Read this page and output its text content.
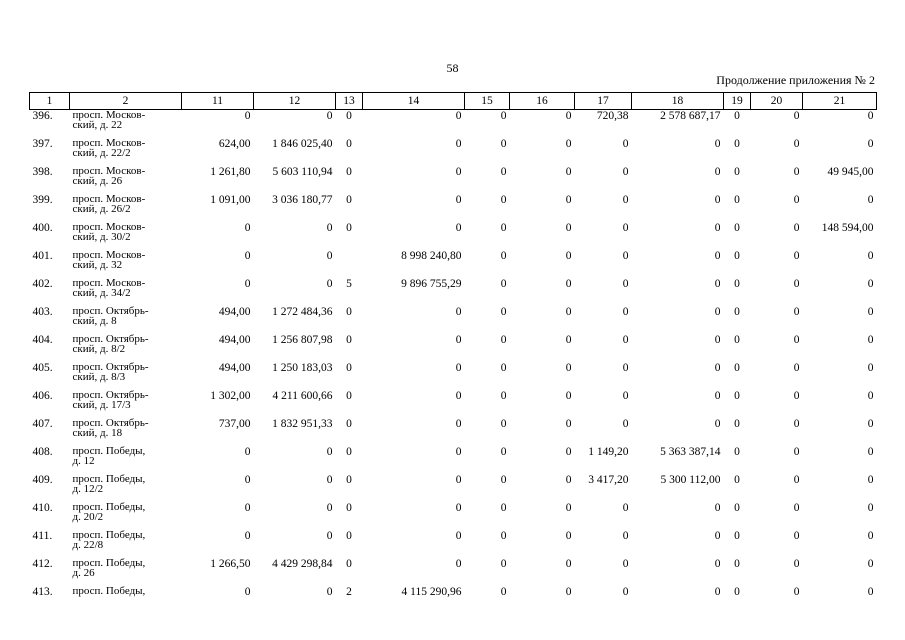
58
Продолжение приложения № 2
1	2	11	12	13	14	15	16	17	18	19	20	21
396.	просп. Москов-
ский, д. 22	0	0	0	0	0	0	720,38	2 578 687,17	0	0	0
397.	просп. Москов-
ский, д. 22/2	624,00	1 846 025,40	0	0	0	0	0	0	0	0	0
398.	просп. Москов-
ский, д. 26	1 261,80	5 603 110,94	0	0	0	0	0	0	0	0	49 945,00
399.	просп. Москов-
ский, д. 26/2	1 091,00	3 036 180,77	0	0	0	0	0	0	0	0	0
400.	просп. Москов-
ский, д. 30/2	0	0	0	0	0	0	0	0	0	0	148 594,00
401.	просп. Москов-
ский, д. 32	0	0		8 998 240,80	0	0	0	0	0	0	0
402.	просп. Москов-
ский, д. 34/2	0	0	5	9 896 755,29	0	0	0	0	0	0	0
403.	просп. Октябрь-
ский, д. 8	494,00	1 272 484,36	0	0	0	0	0	0	0	0	0
404.	просп. Октябрь-
ский, д. 8/2	494,00	1 256 807,98	0	0	0	0	0	0	0	0	0
405.	просп. Октябрь-
ский, д. 8/3	494,00	1 250 183,03	0	0	0	0	0	0	0	0	0
406.	просп. Октябрь-
ский, д. 17/3	1 302,00	4 211 600,66	0	0	0	0	0	0	0	0	0
407.	просп. Октябрь-
ский, д. 18	737,00	1 832 951,33	0	0	0	0	0	0	0	0	0
408.	просп. Победы,
д. 12	0	0	0	0	0	0	1 149,20	5 363 387,14	0	0	0
409.	просп. Победы,
д. 12/2	0	0	0	0	0	0	3 417,20	5 300 112,00	0	0	0
410.	просп. Победы,
д. 20/2	0	0	0	0	0	0	0	0	0	0	0
411.	просп. Победы,
д. 22/8	0	0	0	0	0	0	0	0	0	0	0
412.	просп. Победы,
д. 26	1 266,50	4 429 298,84	0	0	0	0	0	0	0	0	0
413.	просп. Победы,	0	0	2	4 115 290,96	0	0	0	0	0	0	0
